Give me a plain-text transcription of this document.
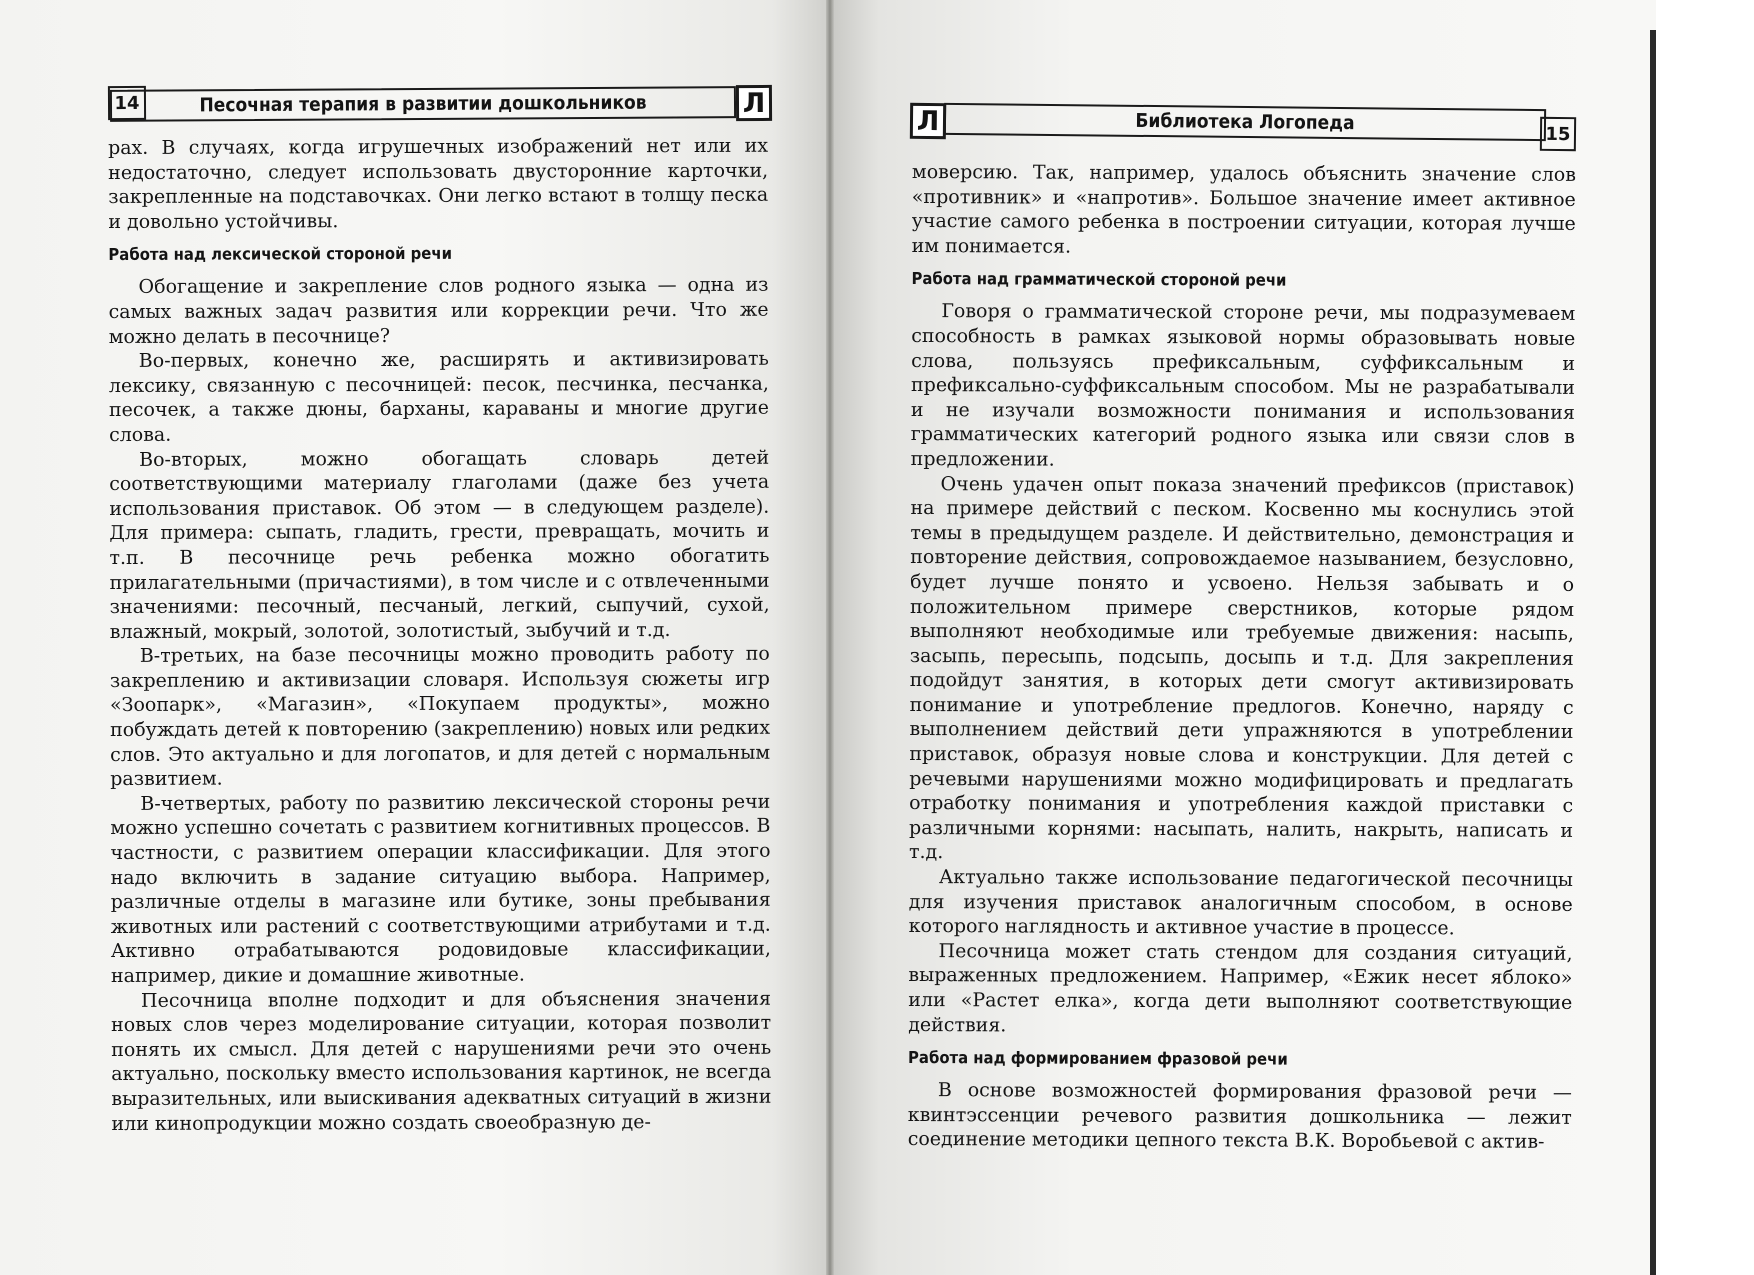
Песочная терапия в развитии дошкольников
14	Л
Л	Библиотека Логопеда	15

рах. В случаях, когда игрушечных изображений нет или их недостаточно, следует использовать двусторонние карточки, закрепленные на подставочках. Они легко встают в толщу песка и довольно устойчивы.

Работа над лексической стороной речи

Обогащение и закрепление слов родного языка — одна из самых важных задач развития или коррекции речи. Что же можно делать в песочнице?

Во-первых, конечно же, расширять и активизировать лексику, связанную с песочницей: песок, песчинка, песчанка, песочек, а также дюны, барханы, караваны и многие другие слова.

Во-вторых, можно обогащать словарь детей соответствующими материалу глаголами (даже без учета использования приставок. Об этом — в следующем разделе). Для примера: сыпать, гладить, грести, превращать, мочить и т.п. В песочнице речь ребенка можно обогатить прилагательными (причастиями), в том числе и с отвлеченными значениями: песочный, песчаный, легкий, сыпучий, сухой, влажный, мокрый, золотой, золотистый, зыбучий и т.д.

В-третьих, на базе песочницы можно проводить работу по закреплению и активизации словаря. Используя сюжеты игр «Зоопарк», «Магазин», «Покупаем продукты», можно побуждать детей к повторению (закреплению) новых или редких слов. Это актуально и для логопатов, и для детей с нормальным развитием.

В-четвертых, работу по развитию лексической стороны речи можно успешно сочетать с развитием когнитивных процессов. В частности, с развитием операции классификации. Для этого надо включить в задание ситуацию выбора. Например, различные отделы в магазине или бутике, зоны пребывания животных или растений с соответствующими атрибутами и т.д. Активно отрабатываются родовидовые классификации, например, дикие и домашние животные.

Песочница вполне подходит и для объяснения значения новых слов через моделирование ситуации, которая позволит понять их смысл. Для детей с нарушениями речи это очень актуально, поскольку вместо использования картинок, не всегда выразительных, или выискивания адекватных ситуаций в жизни или кинопродукции можно создать своеобразную де-

моверсию. Так, например, удалось объяснить значение слов «противник» и «напротив». Большое значение имеет активное участие самого ребенка в построении ситуации, которая лучше им понимается.

Работа над грамматической стороной речи

Говоря о грамматической стороне речи, мы подразумеваем способность в рамках языковой нормы образовывать новые слова, пользуясь префиксальным, суффиксальным и префиксально-суффиксальным способом. Мы не разрабатывали и не изучали возможности понимания и использования грамматических категорий родного языка или связи слов в предложении.

Очень удачен опыт показа значений префиксов (приставок) на примере действий с песком. Косвенно мы коснулись этой темы в предыдущем разделе. И действительно, демонстрация и повторение действия, сопровождаемое называнием, безусловно, будет лучше понято и усвоено. Нельзя забывать и о положительном примере сверстников, которые рядом выполняют необходимые или требуемые движения: насыпь, засыпь, пересыпь, подсыпь, досыпь и т.д. Для закрепления подойдут занятия, в которых дети смогут активизировать понимание и употребление предлогов. Конечно, наряду с выполнением действий дети упражняются в употреблении приставок, образуя новые слова и конструкции. Для детей с речевыми нарушениями можно модифицировать и предлагать отработку понимания и употребления каждой приставки с различными корнями: насыпать, налить, накрыть, написать и т.д.

Актуально также использование педагогической песочницы для изучения приставок аналогичным способом, в основе которого наглядность и активное участие в процессе.

Песочница может стать стендом для создания ситуаций, выраженных предложением. Например, «Ежик несет яблоко» или «Растет елка», когда дети выполняют соответствующие действия.

Работа над формированием фразовой речи

В основе возможностей формирования фразовой речи — квинтэссенции речевого развития дошкольника — лежит соединение методики цепного текста В.К. Воробьевой с актив-
